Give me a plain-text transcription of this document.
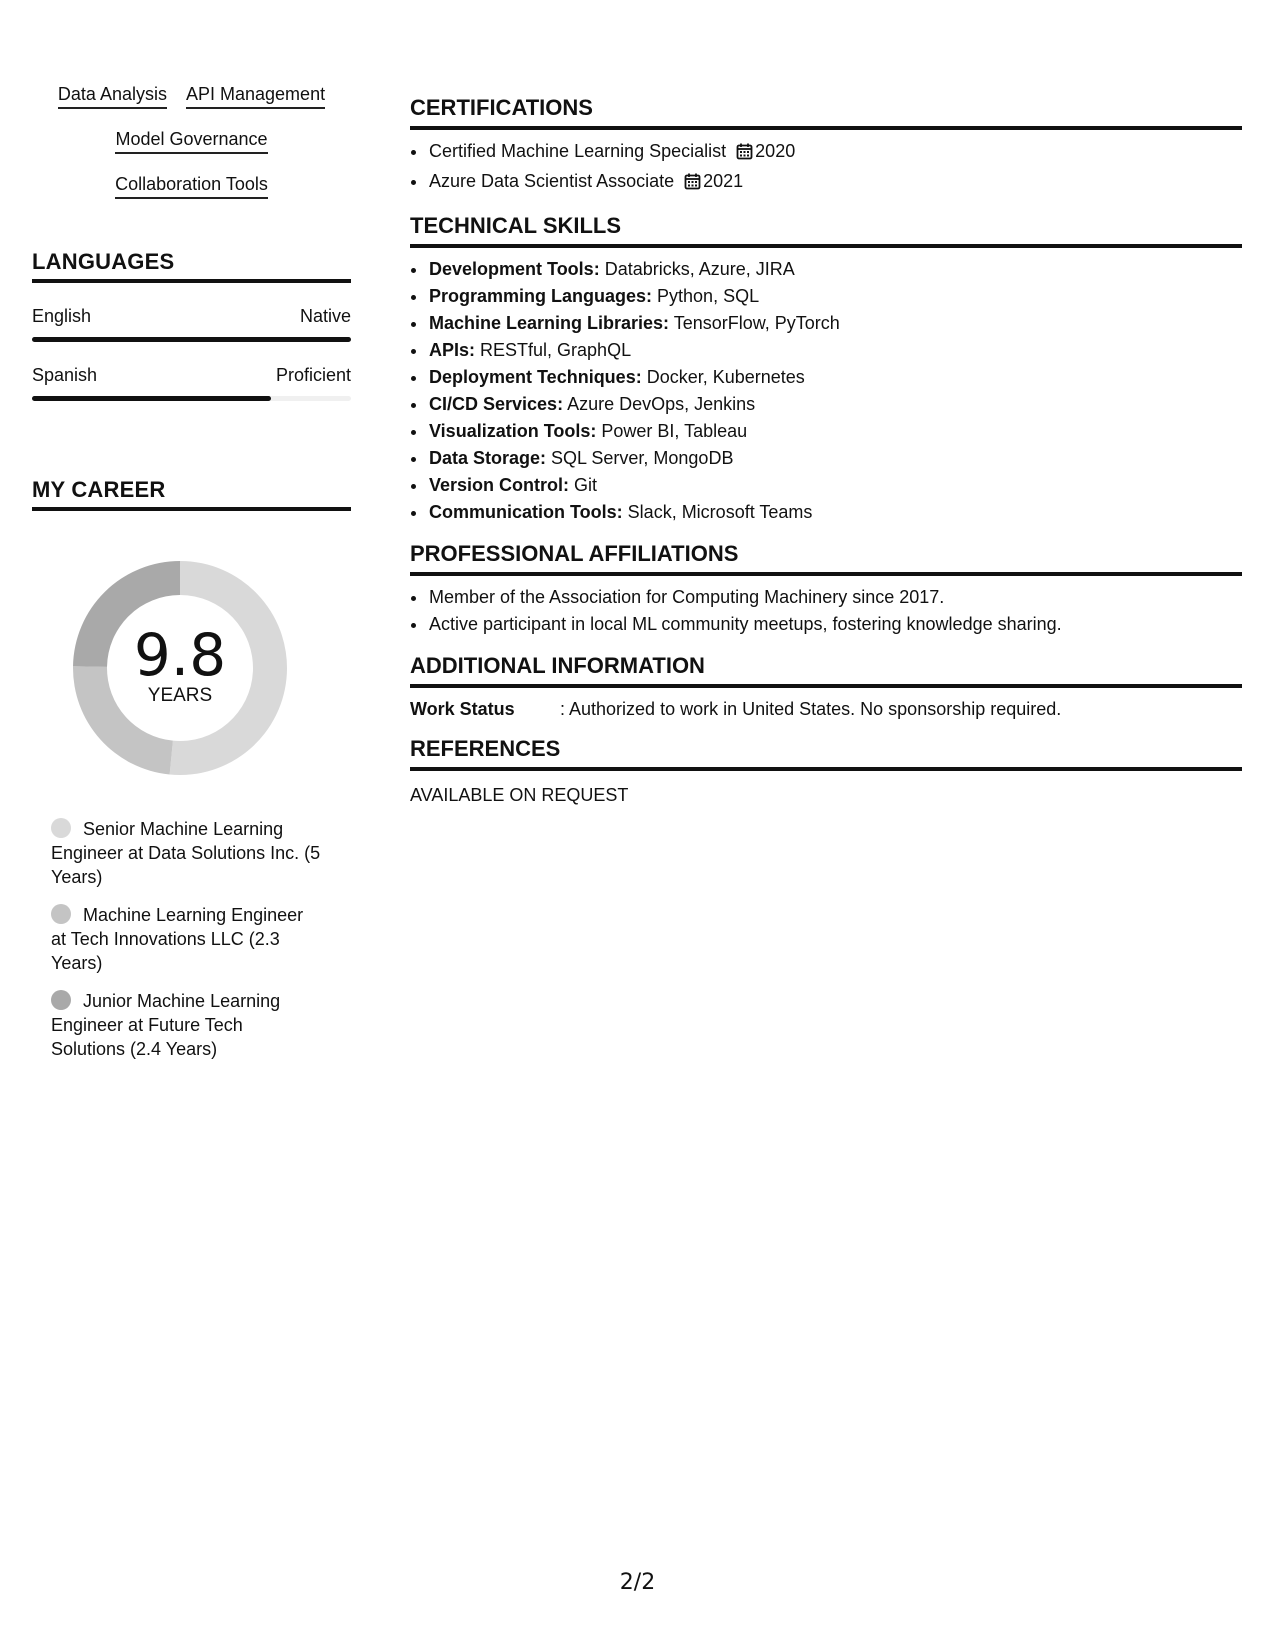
Data Analysis API Management
Model Governance
Collaboration Tools
LANGUAGES
English	Native
Spanish	Proficient
MY CAREER
9.8
YEARS
Senior Machine Learning Engineer at Data Solutions Inc. (5 Years)
Machine Learning Engineer at Tech Innovations LLC (2.3 Years)
Junior Machine Learning Engineer at Future Tech Solutions (2.4 Years)
CERTIFICATIONS
• Certified Machine Learning Specialist 2020
• Azure Data Scientist Associate 2021
TECHNICAL SKILLS
• Development Tools: Databricks, Azure, JIRA
• Programming Languages: Python, SQL
• Machine Learning Libraries: TensorFlow, PyTorch
• APIs: RESTful, GraphQL
• Deployment Techniques: Docker, Kubernetes
• CI/CD Services: Azure DevOps, Jenkins
• Visualization Tools: Power BI, Tableau
• Data Storage: SQL Server, MongoDB
• Version Control: Git
• Communication Tools: Slack, Microsoft Teams
PROFESSIONAL AFFILIATIONS
• Member of the Association for Computing Machinery since 2017.
• Active participant in local ML community meetups, fostering knowledge sharing.
ADDITIONAL INFORMATION
Work Status	: Authorized to work in United States. No sponsorship required.
REFERENCES
AVAILABLE ON REQUEST
2/2
